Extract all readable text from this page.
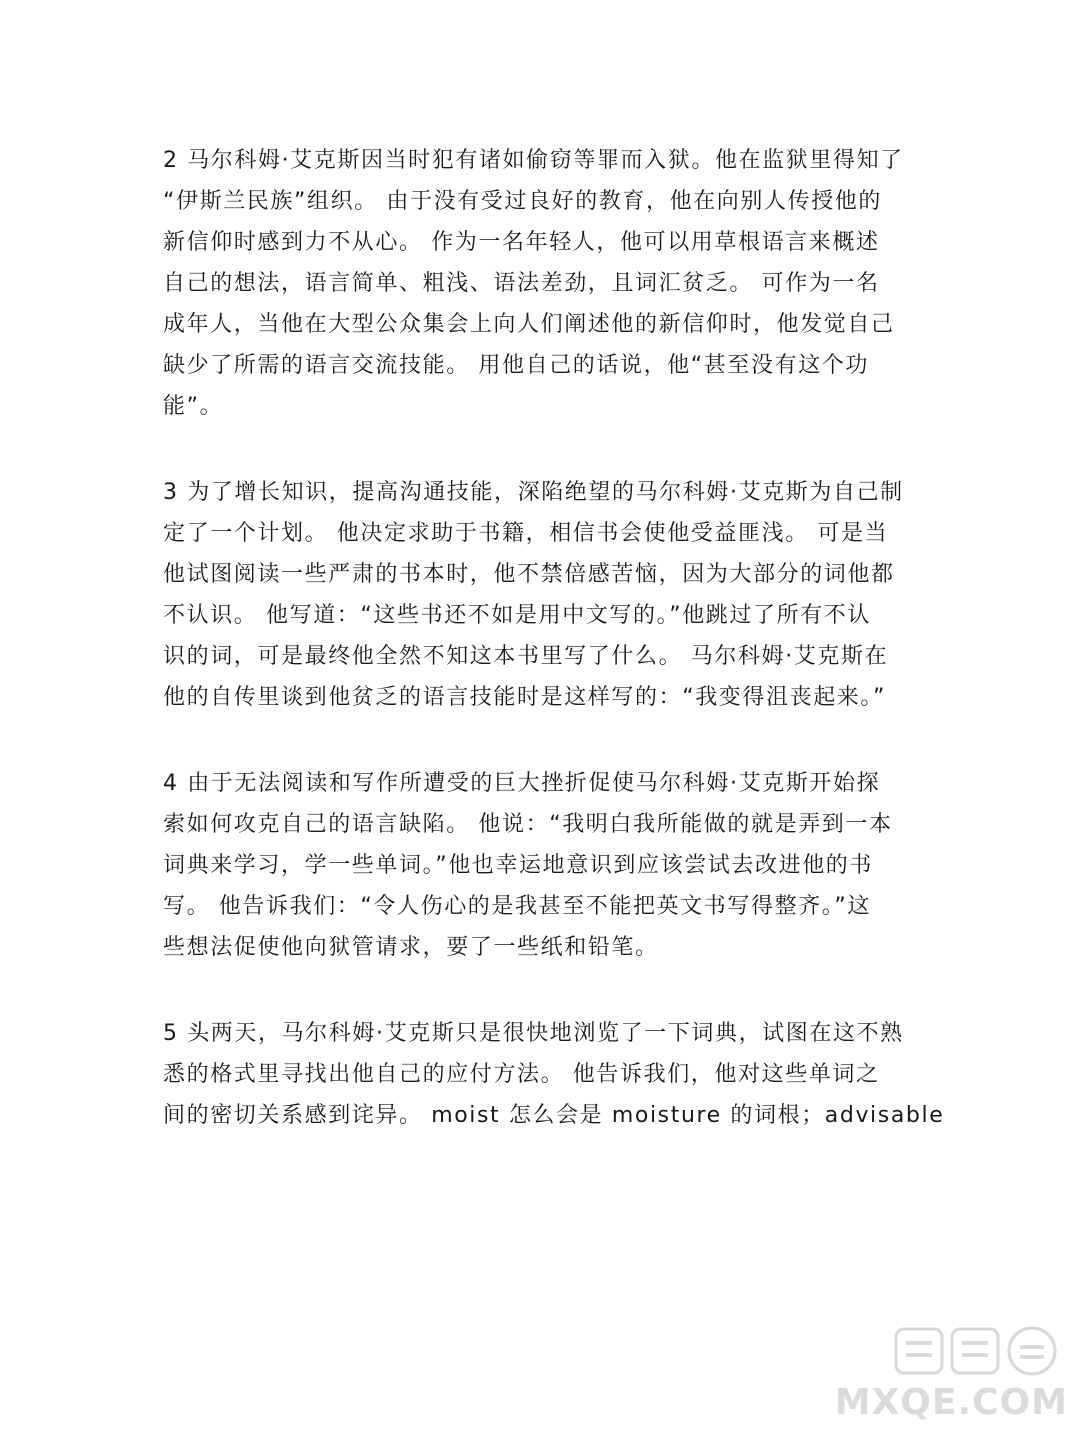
2 马尔科姆·艾克斯因当时犯有诸如偷窃等罪而入狱。他在监狱里得知了
“伊斯兰民族”组织。 由于没有受过良好的教育，他在向别人传授他的
新信仰时感到力不从心。 作为一名年轻人，他可以用草根语言来概述
自己的想法，语言简单、粗浅、语法差劲，且词汇贫乏。 可作为一名
成年人，当他在大型公众集会上向人们阐述他的新信仰时，他发觉自己
缺少了所需的语言交流技能。 用他自己的话说，他“甚至没有这个功
能”。
3 为了增长知识，提高沟通技能，深陷绝望的马尔科姆·艾克斯为自己制
定了一个计划。 他决定求助于书籍，相信书会使他受益匪浅。 可是当
他试图阅读一些严肃的书本时，他不禁倍感苦恼，因为大部分的词他都
不认识。 他写道：“这些书还不如是用中文写的。”他跳过了所有不认
识的词，可是最终他全然不知这本书里写了什么。 马尔科姆·艾克斯在
他的自传里谈到他贫乏的语言技能时是这样写的：“我变得沮丧起来。”
4 由于无法阅读和写作所遭受的巨大挫折促使马尔科姆·艾克斯开始探
索如何攻克自己的语言缺陷。 他说：“我明白我所能做的就是弄到一本
词典来学习，学一些单词。”他也幸运地意识到应该尝试去改进他的书
写。 他告诉我们：“令人伤心的是我甚至不能把英文书写得整齐。”这
些想法促使他向狱管请求，要了一些纸和铅笔。
5 头两天，马尔科姆·艾克斯只是很快地浏览了一下词典，试图在这不熟
悉的格式里寻找出他自己的应付方法。 他告诉我们，他对这些单词之
间的密切关系感到诧异。 moist 怎么会是 moisture 的词根；advisable
MXQE.COM
